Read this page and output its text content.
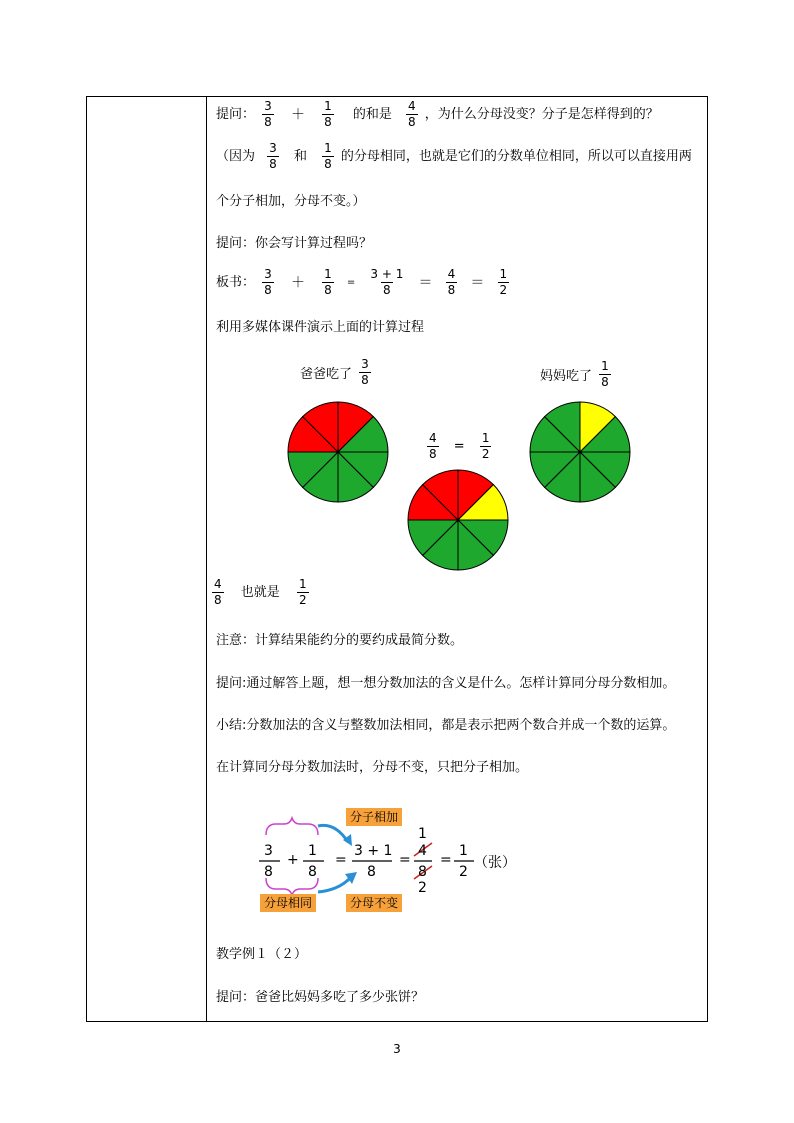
提问： $\frac{3}{8} + \frac{1}{8}$ 的和是 $\frac{4}{8}$ ，为什么分母没变？分子是怎样得到的？
（因为 $\frac{3}{8}$ 和 $\frac{1}{8}$ 的分母相同，也就是它们的分数单位相同，所以可以直接用两
个分子相加，分母不变。）
提问：你会写计算过程吗？
板书： $\frac{3}{8} + \frac{1}{8} = \frac{3 + 1}{8} = \frac{4}{8} = \frac{1}{2}$
利用多媒体课件演示上面的计算过程
爸爸吃了 $\frac{3}{8}$	妈妈吃了 $\frac{1}{8}$
$\frac{4}{8} = \frac{1}{2}$
$\frac{4}{8}$ 也就是 $\frac{1}{2}$
注意：计算结果能约分的要约成最简分数。
提问:通过解答上题，想一想分数加法的含义是什么。怎样计算同分母分数相加。
小结:分数加法的含义与整数加法相同，都是表示把两个数合并成一个数的运算。
在计算同分母分数加法时，分母不变，只把分子相加。
分子相加
分母相同	分母不变
3
8
+
1
8
=
3 + 1
8
=
1
4
8
2
=
1
2
（张）
教学例１（２）
提问：爸爸比妈妈多吃了多少张饼？
3
